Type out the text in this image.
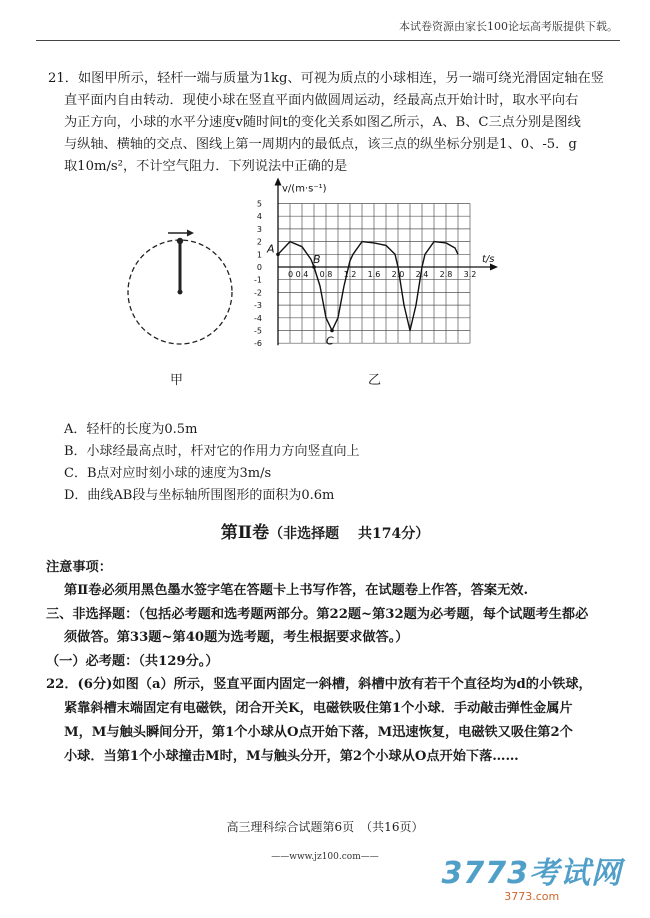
本试卷资源由家长100论坛高考版提供下载。
21．如图甲所示，轻杆一端与质量为1kg、可视为质点的小球相连，另一端可绕光滑固定轴在竖
直平面内自由转动．现使小球在竖直平面内做圆周运动，经最高点开始计时，取水平向右
为正方向，小球的水平分速度v随时间t的变化关系如图乙所示，A、B、C三点分别是图线
与纵轴、横轴的交点、图线上第一周期内的最低点，该三点的纵坐标分别是1、0、-5．g
取10m/s²，不计空气阻力．下列说法中正确的是
甲
v/(m·s⁻¹)
t/s
5
4
3
2
1
0
-1
-2
-3
-4
-5
-6
0 0.4 0.8 1.2 1.6 2.0 2.4 2.8 3.2
A
B
C
乙
A．轻杆的长度为0.5m
B．小球经最高点时，杆对它的作用力方向竖直向上
C．B点对应时刻小球的速度为3m/s
D．曲线AB段与坐标轴所围图形的面积为0.6m
第Ⅱ卷（非选择题　 共174分）
注意事项：
第Ⅱ卷必须用黑色墨水签字笔在答题卡上书写作答，在试题卷上作答，答案无效.
三、非选择题：（包括必考题和选考题两部分。第22题~第32题为必考题，每个试题考生都必
须做答。第33题~第40题为选考题，考生根据要求做答。）
（一）必考题：（共129分。）
22．(6分)如图（a）所示，竖直平面内固定一斜槽，斜槽中放有若干个直径均为d的小铁球，
紧靠斜槽末端固定有电磁铁，闭合开关K，电磁铁吸住第1个小球．手动敲击弹性金属片
M，M与触头瞬间分开，第1个小球从O点开始下落，M迅速恢复，电磁铁又吸住第2个
小球．当第1个小球撞击M时，M与触头分开，第2个小球从O点开始下落……
高三理科综合试题第6页　（共16页）
——www.jz100.com——	3773考试网
3773.com
